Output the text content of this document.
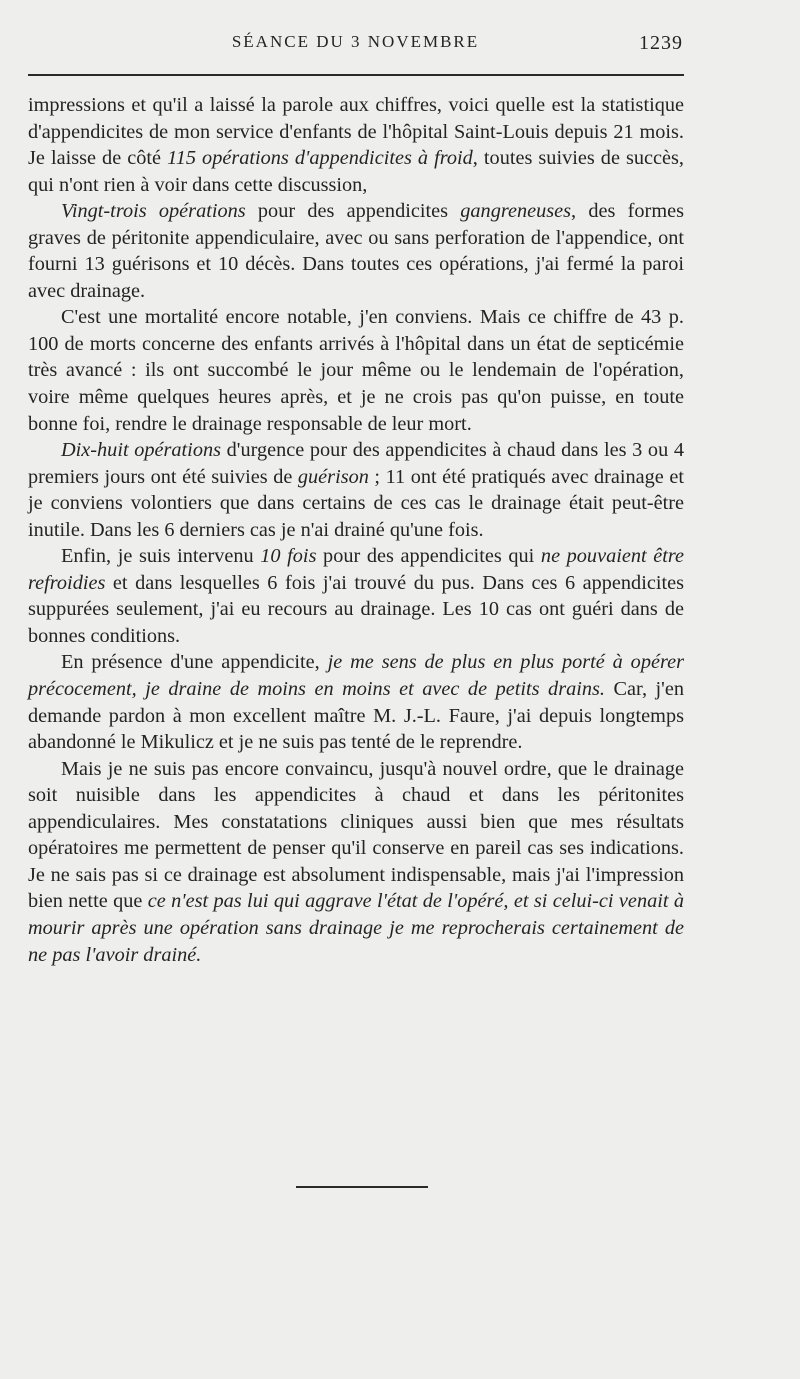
SÉANCE DU 3 NOVEMBRE	1239

impressions et qu'il a laissé la parole aux chiffres, voici quelle est la statistique d'appendicites de mon service d'enfants de l'hôpital Saint-Louis depuis 21 mois. Je laisse de côté 115 opérations d'appendicites à froid, toutes suivies de succès, qui n'ont rien à voir dans cette discussion,

Vingt-trois opérations pour des appendicites gangreneuses, des formes graves de péritonite appendiculaire, avec ou sans perforation de l'appendice, ont fourni 13 guérisons et 10 décès. Dans toutes ces opérations, j'ai fermé la paroi avec drainage.

C'est une mortalité encore notable, j'en conviens. Mais ce chiffre de 43 p. 100 de morts concerne des enfants arrivés à l'hôpital dans un état de septicémie très avancé : ils ont succombé le jour même ou le lendemain de l'opération, voire même quelques heures après, et je ne crois pas qu'on puisse, en toute bonne foi, rendre le drainage responsable de leur mort.

Dix-huit opérations d'urgence pour des appendicites à chaud dans les 3 ou 4 premiers jours ont été suivies de guérison ; 11 ont été pratiqués avec drainage et je conviens volontiers que dans certains de ces cas le drainage était peut-être inutile. Dans les 6 derniers cas je n'ai drainé qu'une fois.

Enfin, je suis intervenu 10 fois pour des appendicites qui ne pouvaient être refroidies et dans lesquelles 6 fois j'ai trouvé du pus. Dans ces 6 appendicites suppurées seulement, j'ai eu recours au drainage. Les 10 cas ont guéri dans de bonnes conditions.

En présence d'une appendicite, je me sens de plus en plus porté à opérer précocement, je draine de moins en moins et avec de petits drains. Car, j'en demande pardon à mon excellent maître M. J.-L. Faure, j'ai depuis longtemps abandonné le Mikulicz et je ne suis pas tenté de le reprendre.

Mais je ne suis pas encore convaincu, jusqu'à nouvel ordre, que le drainage soit nuisible dans les appendicites à chaud et dans les péritonites appendiculaires. Mes constatations cliniques aussi bien que mes résultats opératoires me permettent de penser qu'il conserve en pareil cas ses indications. Je ne sais pas si ce drainage est absolument indispensable, mais j'ai l'impression bien nette que ce n'est pas lui qui aggrave l'état de l'opéré, et si celui-ci venait à mourir après une opération sans drainage je me reprocherais certainement de ne pas l'avoir drainé.
